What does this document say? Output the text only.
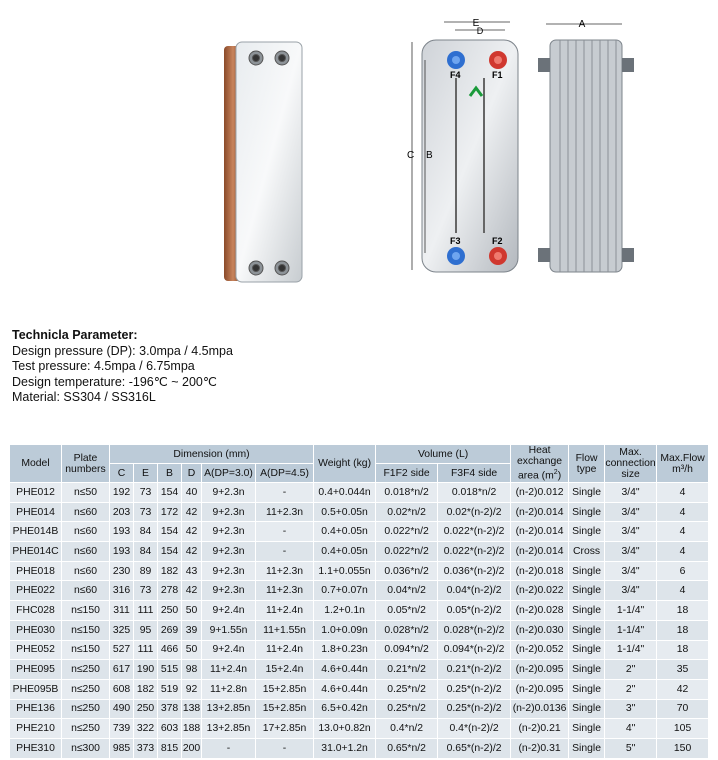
E
D
C B
F4	F1
F3	F2
A
Technicla Parameter:
Design pressure (DP): 3.0mpa / 4.5mpa
Test pressure: 4.5mpa / 6.75mpa
Design temperature: -196℃ ~ 200℃
Material: SS304 / SS316L
Model	Plate numbers	Dimension (mm)						Weight (kg)	Volume (L)		Heat exchange area $(m^2)$	Flow type	Max. connection size	Max.Flow m³/h
		C	E	B	D	A(DP=3.0)	A(DP=4.5)		F1F2 side	F3F4 side				
PHE012	n≤50	192	73	154	40	9+2.3n	-	0.4+0.044n	0.018*n/2	0.018*n/2	(n-2)0.012	Single	3/4"	4
PHE014	n≤60	203	73	172	42	9+2.3n	11+2.3n	0.5+0.05n	0.02*n/2	0.02*(n-2)/2	(n-2)0.014	Single	3/4"	4
PHE014B	n≤60	193	84	154	42	9+2.3n	-	0.4+0.05n	0.022*n/2	0.022*(n-2)/2	(n-2)0.014	Single	3/4"	4
PHE014C	n≤60	193	84	154	42	9+2.3n	-	0.4+0.05n	0.022*n/2	0.022*(n-2)/2	(n-2)0.014	Cross	3/4"	4
PHE018	n≤60	230	89	182	43	9+2.3n	11+2.3n	1.1+0.055n	0.036*n/2	0.036*(n-2)/2	(n-2)0.018	Single	3/4"	6
PHE022	n≤60	316	73	278	42	9+2.3n	11+2.3n	0.7+0.07n	0.04*n/2	0.04*(n-2)/2	(n-2)0.022	Single	3/4"	4
FHC028	n≤150	311	111	250	50	9+2.4n	11+2.4n	1.2+0.1n	0.05*n/2	0.05*(n-2)/2	(n-2)0.028	Single	1-1/4"	18
PHE030	n≤150	325	95	269	39	9+1.55n	11+1.55n	1.0+0.09n	0.028*n/2	0.028*(n-2)/2	(n-2)0.030	Single	1-1/4"	18
PHE052	n≤150	527	111	466	50	9+2.4n	11+2.4n	1.8+0.23n	0.094*n/2	0.094*(n-2)/2	(n-2)0.052	Single	1-1/4"	18
PHE095	n≤250	617	190	515	98	11+2.4n	15+2.4n	4.6+0.44n	0.21*n/2	0.21*(n-2)/2	(n-2)0.095	Single	2"	35
PHE095B	n≤250	608	182	519	92	11+2.8n	15+2.85n	4.6+0.44n	0.25*n/2	0.25*(n-2)/2	(n-2)0.095	Single	2"	42
PHE136	n≤250	490	250	378	138	13+2.85n	15+2.85n	6.5+0.42n	0.25*n/2	0.25*(n-2)/2	(n-2)0.0136	Single	3"	70
PHE210	n≤250	739	322	603	188	13+2.85n	17+2.85n	13.0+0.82n	0.4*n/2	0.4*(n-2)/2	(n-2)0.21	Single	4"	105
PHE310	n≤300	985	373	815	200	-	-	31.0+1.2n	0.65*n/2	0.65*(n-2)/2	(n-2)0.31	Single	5"	150
